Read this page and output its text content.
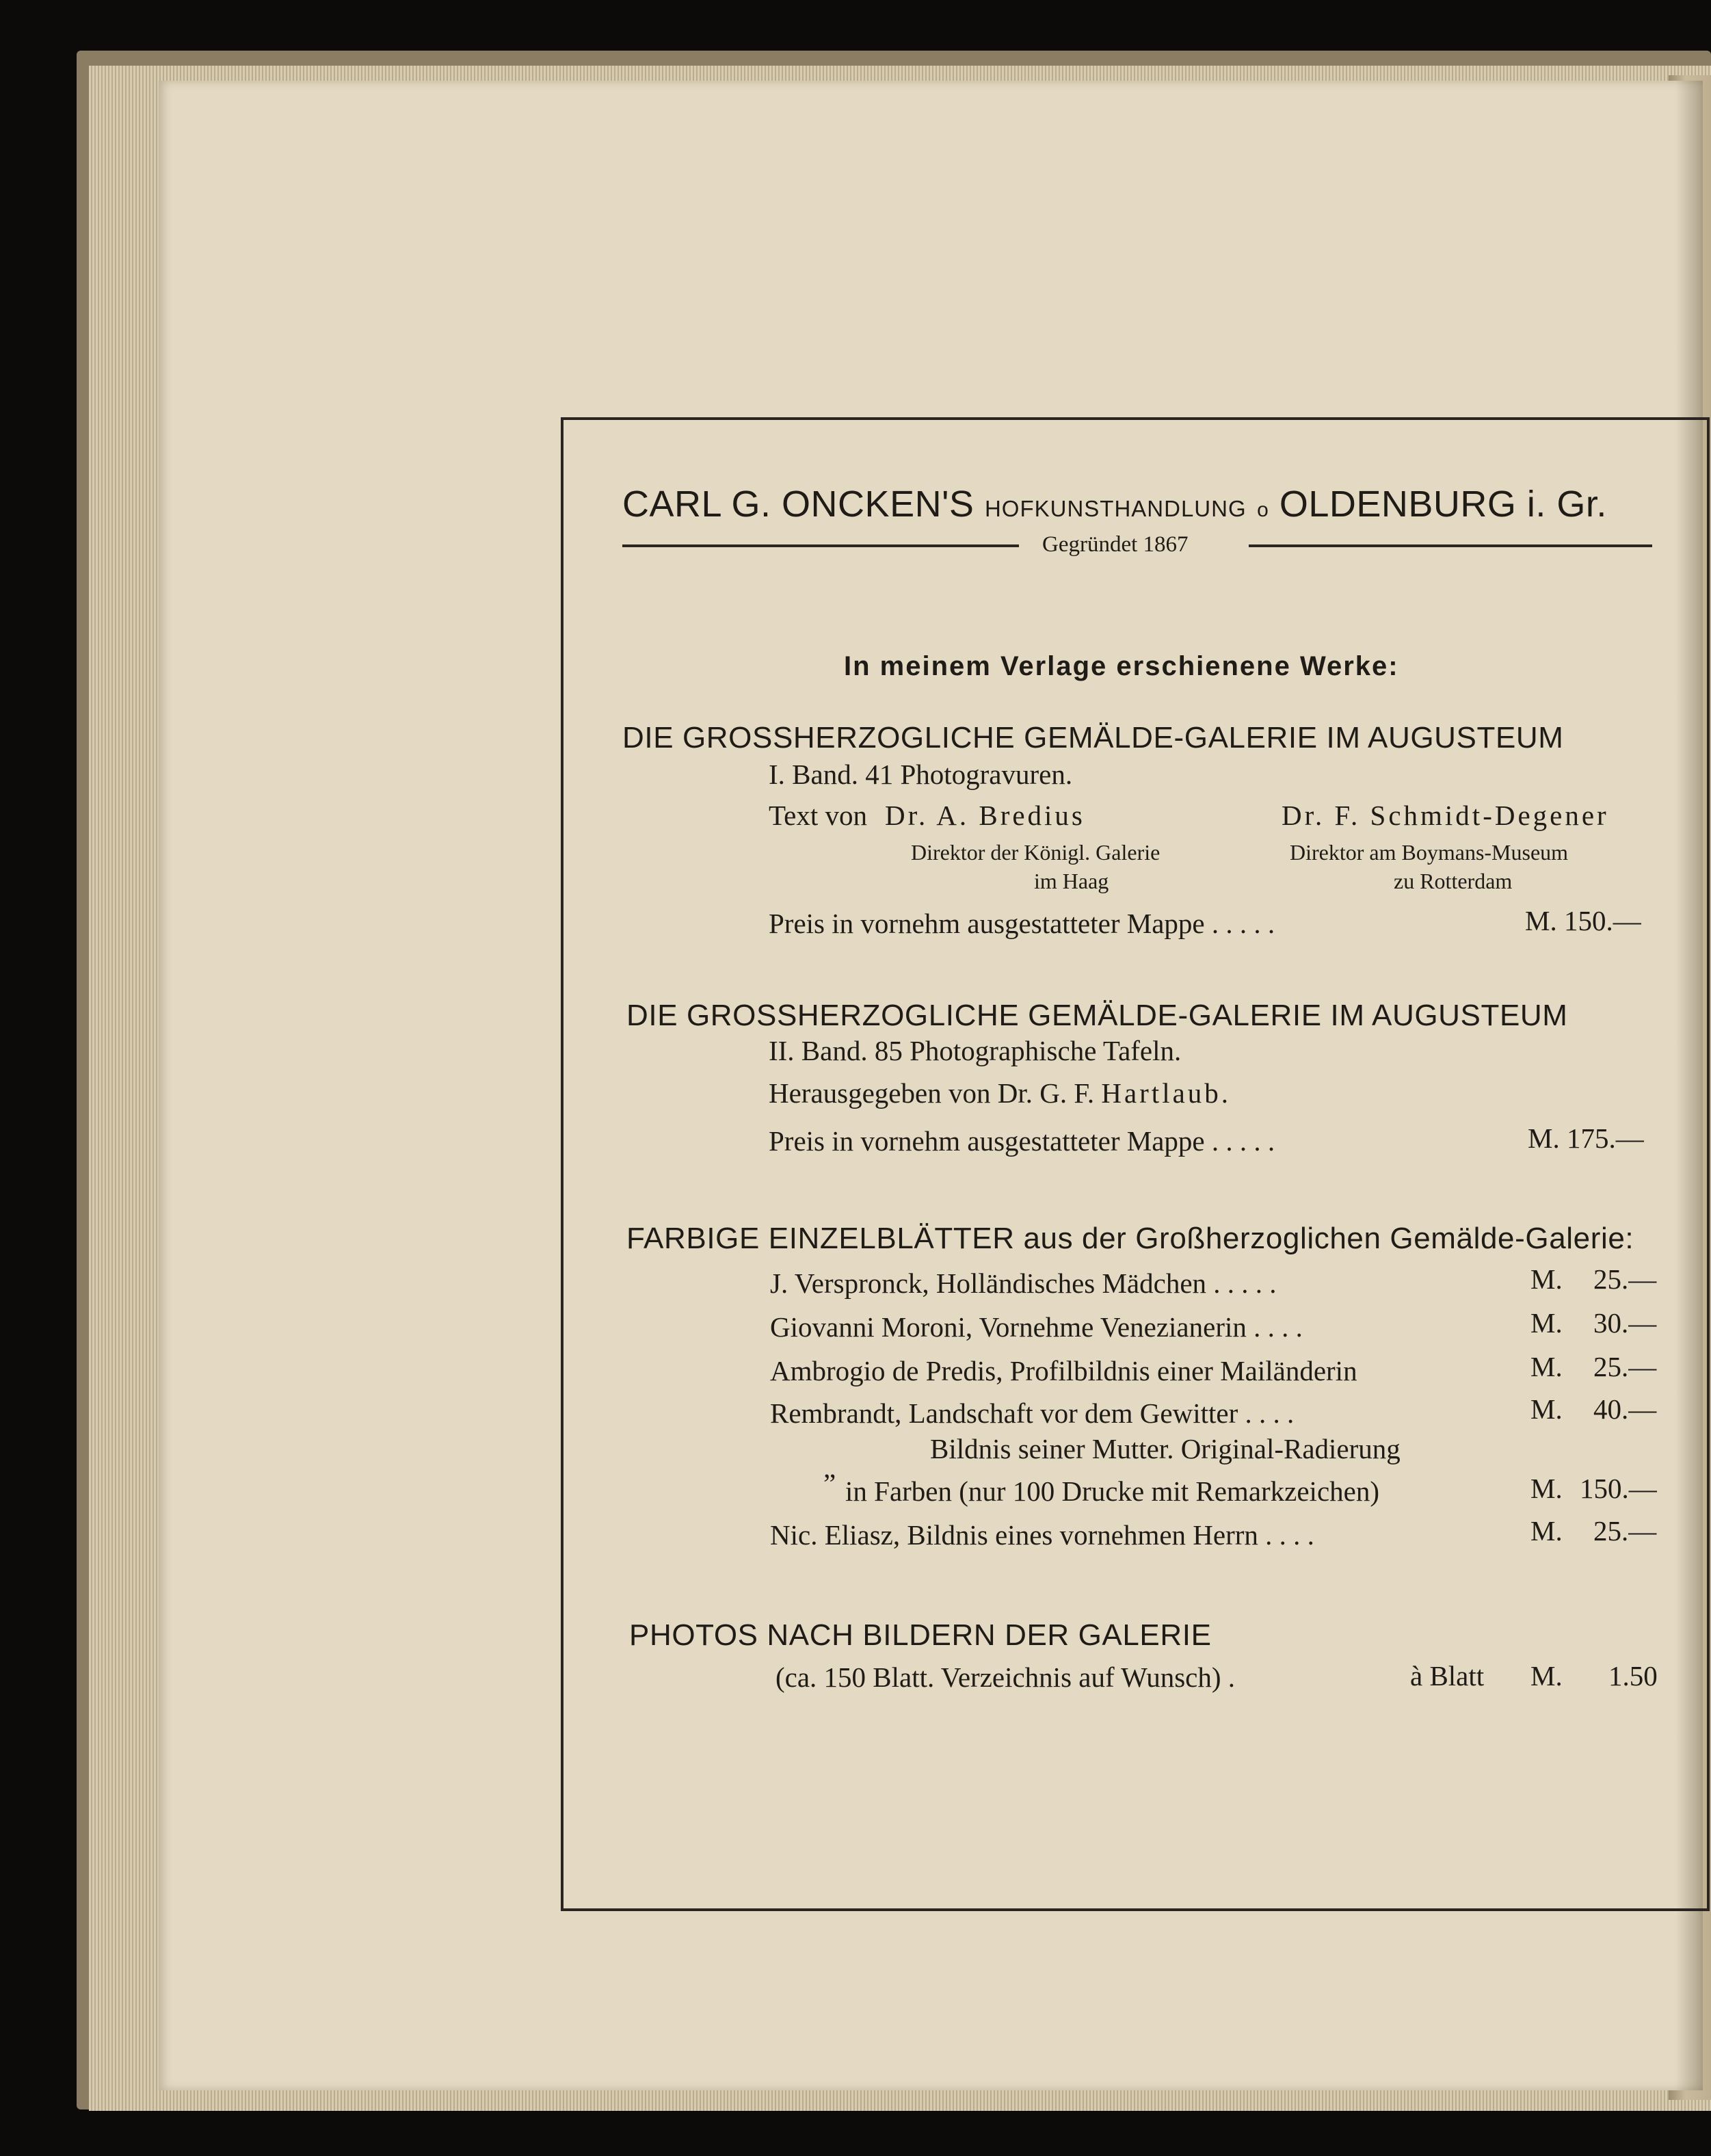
CARL G. ONCKEN'S HOFKUNSTHANDLUNG o OLDENBURG i. Gr.
Gegründet 1867
In meinem Verlage erschienene Werke:
DIE GROSSHERZOGLICHE GEMÄLDE-GALERIE IM AUGUSTEUM
I. Band. 41 Photogravuren.
Text von Dr. A. Bredius
Direktor der Königl. Galerie
im Haag
Dr. F. Schmidt-Degener
Direktor am Boymans-Museum
zu Rotterdam
Preis in vornehm ausgestatteter Mappe . . . . .	M. 150.—
DIE GROSSHERZOGLICHE GEMÄLDE-GALERIE IM AUGUSTEUM
II. Band. 85 Photographische Tafeln.
Herausgegeben von Dr. G. F. Hartlaub.
Preis in vornehm ausgestatteter Mappe . . . . .	M. 175.—
FARBIGE EINZELBLÄTTER aus der Großherzoglichen Gemälde-Galerie:
J. Verspronck, Holländisches Mädchen . . . . .	M. 25.—
Giovanni Moroni, Vornehme Venezianerin . . . .	M. 30.—
Ambrogio de Predis, Profilbildnis einer Mailänderin	M. 25.—
Rembrandt, Landschaft vor dem Gewitter . . . .	M. 40.—
„
Bildnis seiner Mutter. Original-Radierung
in Farben (nur 100 Drucke mit Remarkzeichen)	M. 150.—
Nic. Eliasz, Bildnis eines vornehmen Herrn . . . .	M. 25.—
PHOTOS NACH BILDERN DER GALERIE
(ca. 150 Blatt. Verzeichnis auf Wunsch) .	à Blatt M. 1.50
